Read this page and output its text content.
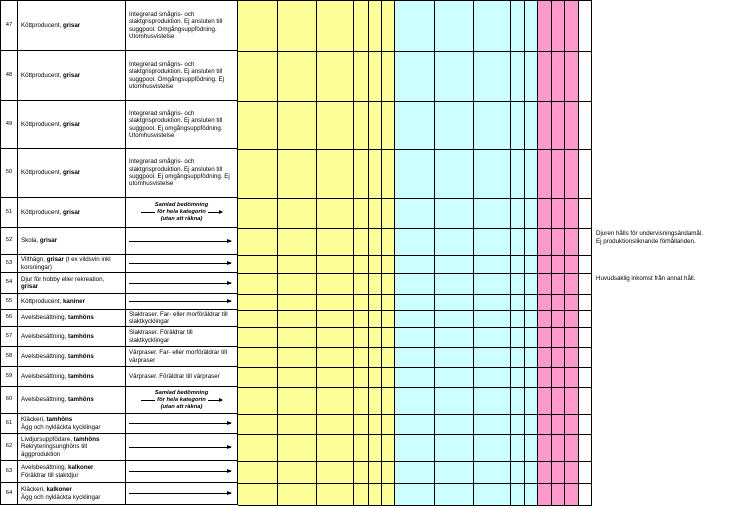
47 Köttproducent, grisar
Integrerad smågris- och slaktgrisproduktion. Ej ansluten till suggpool. Omgångsuppfödning. Utomhusvistelse
48 Köttproducent, grisar
Integrerad smågris- och slaktgrisproduktion. Ej ansluten till suggpool. Omgångsuppfödning. Ej utomhusvistelse
49 Köttproducent, grisar
Integrerad smågris- och slaktgrisproduktion. Ej ansluten till suggpool. Ej omgångsuppfödning. Utomhusvistelse
50 Köttproducent, grisar
Integrerad smågris- och slaktgrisproduktion. Ej ansluten till suggpool. Ej omgångsuppfödning. Ej utomhusvistelse
51 Köttproducent, grisar
Samlad bedömning
för hela kategorin
(utan att räkna)
52 Skola, grisar
53 Vilthägn, grisar (t ex vildsvin inkl korsningar)
54 Djur för hobby eller rekreation, grisar
55 Köttproducent, kaniner
56 Avelsbesättning, tamhöns
Slaktraser. Far- eller morföräldrar till slaktkycklingar
57 Avelsbesättning, tamhöns
Slaktraser. Föräldrar till slaktkycklingar
58 Avelsbesättning, tamhöns
Värpraser. Far- eller morföräldrar till värpraser
59 Avelsbesättning, tamhöns	Värpraser. Föräldrar till värpraser
60 Avelsbesättning, tamhöns
Samlad bedömning
för hela kategorin
(utan att räkna)
61 Kläckeri, tamhöns
Ägg och nykläckta kycklingar
62
Livdjursuppfödare, tamhöns
Rekryteringsunghöns till äggproduktion
63 Avelsbesättning, kalkoner
Föräldrar till slaktdjur
64 Kläckeri, kalkoner
Ägg och nykläckta kycklingar
Djuren hålls för undervisningsändamål.
Ej produktionsliknande förhållanden.
Huvudsaklig inkomst från annat håll.
